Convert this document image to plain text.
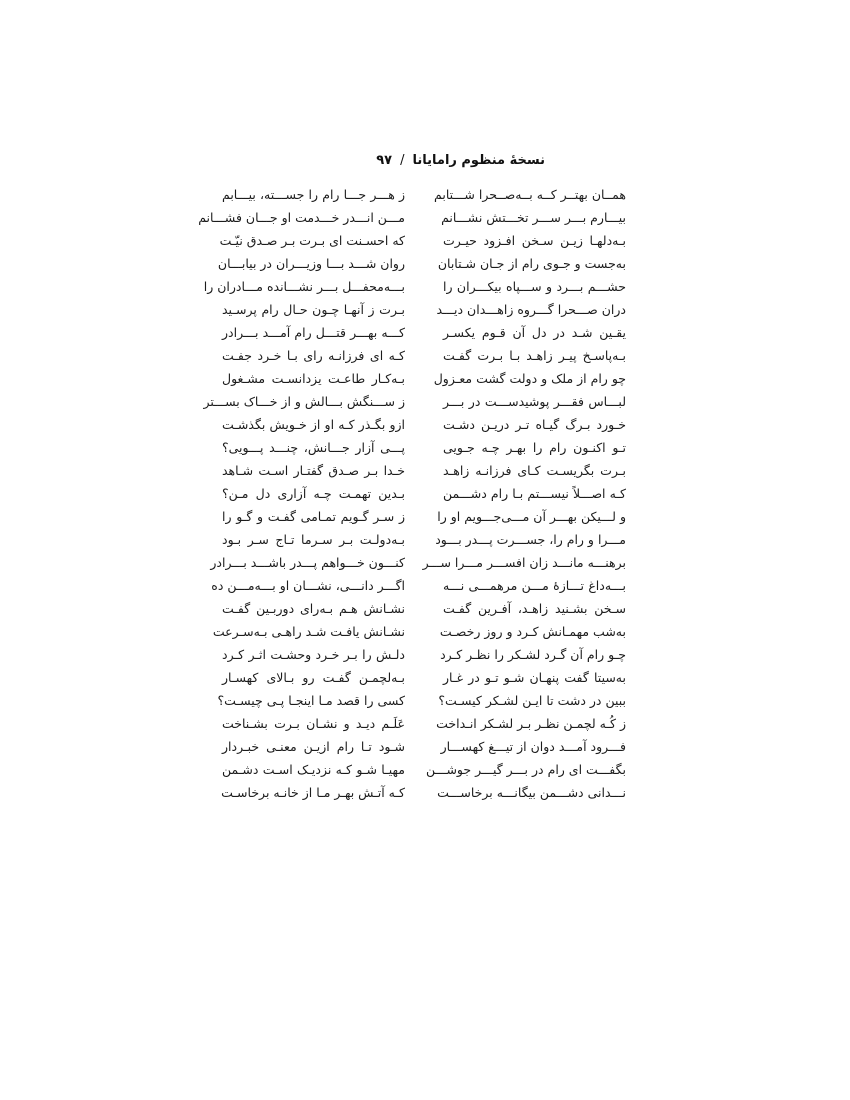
نسخهٔ منظوم رامایانا
/
۹۷
همــان بهتــر کــه بــه‌صــحرا شـــتابم
بیـــارم بـــر ســـر تخـــتش نشـــانم
بـه‌دلهـا زیـن سـخن افـزود حیـرت
به‌جست و جـوی رام از جـان شـتابان
حشـــم بـــرد و ســـپاه بیکـــران را
دران صـــحرا گـــروه زاهـــدان دیـــد
یقـین شـد در دل آن قـوم یکسـر
بـه‌پاسـخ پیـر زاهـد بـا بـرت گفـت
چو رام از ملک و دولت گشت معـزول
لبـــاس فقـــر پوشیدســـت در بـــر
خـورد بـرگ گیـاه تـر دریـن دشـت
تـو اکنـون رام را بهـر چـه جـویی
بـرت بگریسـت کـای فرزانـه زاهـد
کـه اصـــلاً نیســـتم بـا رام دشـــمن
و لـــیکن بهـــر آن مـــی‌جـــویم او را
مـــرا و رام را، جســـرت پـــدر بـــود
برهنـــه مانـــد زان افســـر مـــرا ســـر
بـــه‌داغ تـــازهٔ مـــن مرهمـــی نـــه
سـخن بشـنید زاهـد، آفـرین گفـت
به‌شب مهمـانش کـرد و روز رخصـت
چـو رام آن گـرد لشـکر را نظـر کـرد
به‌سیتا گفت پنهـان شـو تـو در غـار
ببین در دشت تا ایـن لشـکر کیسـت؟
ز کُـه لچمـن نظـر بـر لشـکر انـداخت
فـــرود آمـــد دوان از تیـــغ کهســـار
بگفـــت ای رام در بـــر گیـــر جوشـــن
نـــدانی دشـــمن بیگانـــه برخاســـت
ز هـــر جـــا رام را جســـته، بیـــابم
مـــن انـــدر خـــدمت او جـــان فشـــانم
که احسـنت ای بـرت بـر صـدق نیّـت
روان شـــد بـــا وزیـــران در بیابـــان
بـــه‌محفـــل بـــر نشـــانده مـــادران را
بـرت ز آنهـا چـون حـال رام پرسـید
کـــه بهـــر قتـــل رام آمـــد بـــرادر
کـه ای فرزانـه رای بـا خـرد جفـت
بـه‌کـار طاعـت یزدانسـت مشـغول
ز ســـنگش بـــالش و از خـــاک بســـتر
ازو بگـذر کـه او از خـویش بگذشـت
پـــی آزار جـــانش، چنـــد پـــویی؟
خـدا بـر صـدق گفتـار اسـت شـاهد
بـدین تهمـت چـه آزاری دل مـن؟
ز سـر گـویم تمـامی گفـت و گـو را
بـه‌دولـت بـر سـرما تـاج سـر بـود
کنـــون خـــواهم پـــدر باشـــد بـــرادر
اگـــر دانـــی، نشـــان او بـــه‌مـــن ده
نشـانش هـم بـه‌رای دوربـین گفـت
نشـانش یافـت شـد راهـی بـه‌سـرعت
دلـش را بـر خـرد وحشـت اثـر کـرد
بـه‌لچمـن گفـت رو بـالای کهسـار
کسی را قصد مـا اینجـا پـی چیسـت؟
عَلَـم دیـد و نشـان بـرت بشـناخت
شـود تـا رام ازیـن معنـی خبـردار
مهیـا شـو کـه نزدیـک اسـت دشـمن
کـه آتـش بهـر مـا از خانـه برخاسـت
